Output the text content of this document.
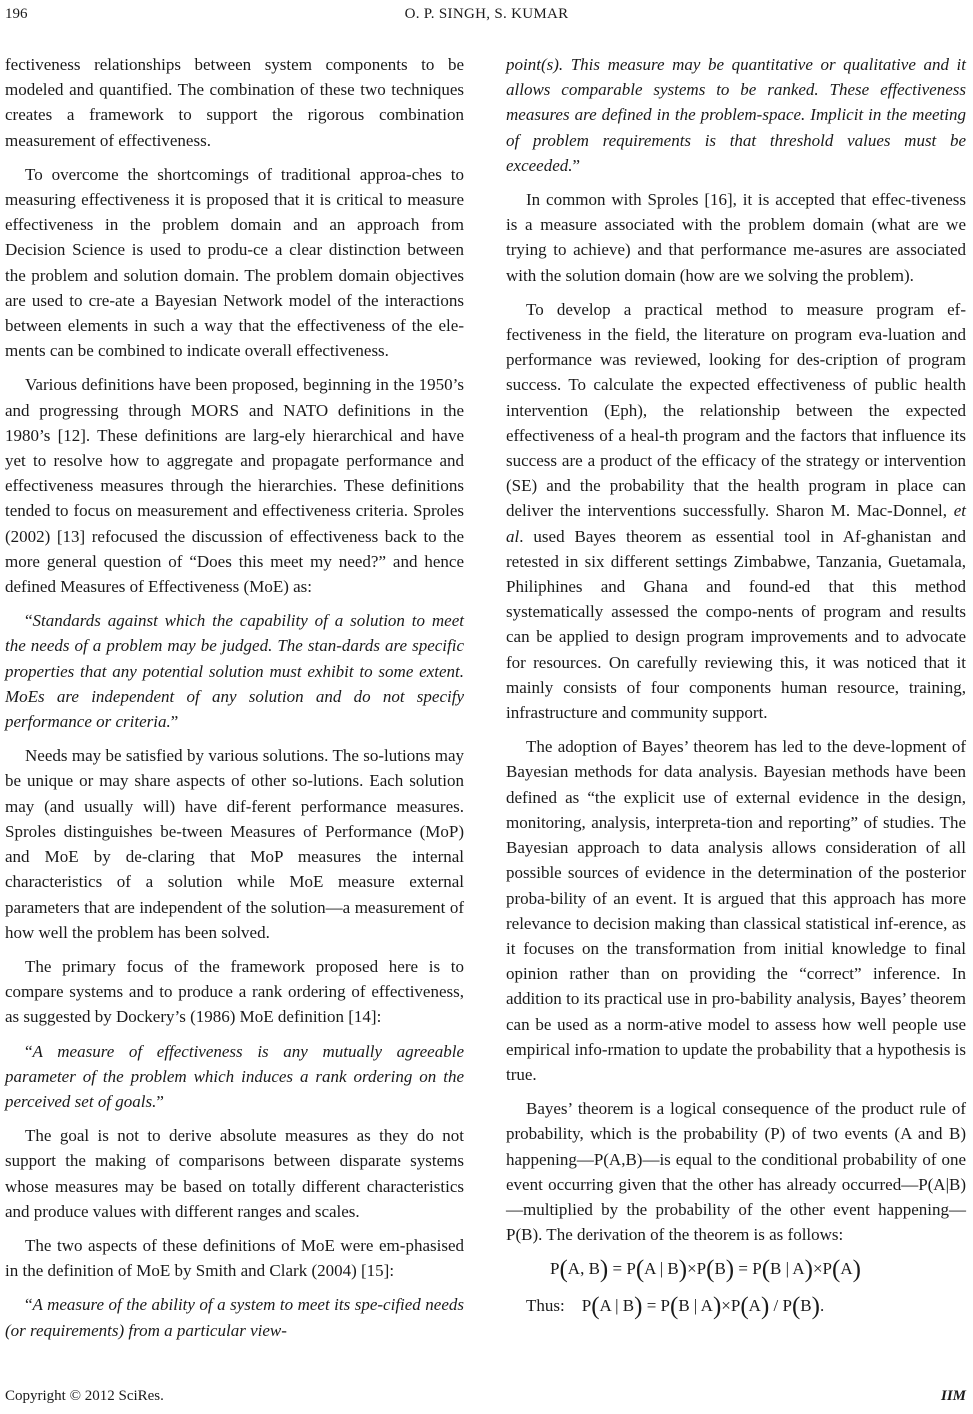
196	O. P. SINGH, S. KUMAR

fectiveness relationships between system components to be modeled and quantified. The combination of these two techniques creates a framework to support the rigorous combination measurement of effectiveness.

To overcome the shortcomings of traditional approa-ches to measuring effectiveness it is proposed that it is critical to measure effectiveness in the problem domain and an approach from Decision Science is used to produ-ce a clear distinction between the problem and solution domain. The problem domain objectives are used to cre-ate a Bayesian Network model of the interactions between elements in such a way that the effectiveness of the ele-ments can be combined to indicate overall effectiveness.

Various definitions have been proposed, beginning in the 1950’s and progressing through MORS and NATO definitions in the 1980’s [12]. These definitions are larg-ely hierarchical and have yet to resolve how to aggregate and propagate performance and effectiveness measures through the hierarchies. These definitions tended to focus on measurement and effectiveness criteria. Sproles (2002) [13] refocused the discussion of effectiveness back to the more general question of “Does this meet my need?” and hence defined Measures of Effectiveness (MoE) as:

“Standards against which the capability of a solution to meet the needs of a problem may be judged. The stan-dards are specific properties that any potential solution must exhibit to some extent. MoEs are independent of any solution and do not specify performance or criteria.”

Needs may be satisfied by various solutions. The so-lutions may be unique or may share aspects of other so-lutions. Each solution may (and usually will) have dif-ferent performance measures. Sproles distinguishes be-tween Measures of Performance (MoP) and MoE by de-claring that MoP measures the internal characteristics of a solution while MoE measure external parameters that are independent of the solution—a measurement of how well the problem has been solved.

The primary focus of the framework proposed here is to compare systems and to produce a rank ordering of effectiveness, as suggested by Dockery’s (1986) MoE definition [14]:

“A measure of effectiveness is any mutually agreeable parameter of the problem which induces a rank ordering on the perceived set of goals.”

The goal is not to derive absolute measures as they do not support the making of comparisons between disparate systems whose measures may be based on totally different characteristics and produce values with different ranges and scales.

The two aspects of these definitions of MoE were em-phasised in the definition of MoE by Smith and Clark (2004) [15]:

“A measure of the ability of a system to meet its spe-cified needs (or requirements) from a particular view-

point(s). This measure may be quantitative or qualitative and it allows comparable systems to be ranked. These effectiveness measures are defined in the problem-space. Implicit in the meeting of problem requirements is that threshold values must be exceeded.”

In common with Sproles [16], it is accepted that effec-tiveness is a measure associated with the problem domain (what are we trying to achieve) and that performance me-asures are associated with the solution domain (how are we solving the problem).

To develop a practical method to measure program ef-fectiveness in the field, the literature on program eva-luation and performance was reviewed, looking for des-cription of program success. To calculate the expected effectiveness of public health intervention (Eph), the relationship between the expected effectiveness of a heal-th program and the factors that influence its success are a product of the efficacy of the strategy or intervention (SE) and the probability that the health program in place can deliver the interventions successfully. Sharon M. Mac-Donnel, et al. used Bayes theorem as essential tool in Af-ghanistan and retested in six different settings Zimbabwe, Tanzania, Guetamala, Philiphines and Ghana and found-ed that this method systematically assessed the compo-nents of program and results can be applied to design program improvements and to advocate for resources. On carefully reviewing this, it was noticed that it mainly consists of four components human resource, training, infrastructure and community support.

The adoption of Bayes’ theorem has led to the deve-lopment of Bayesian methods for data analysis. Bayesian methods have been defined as “the explicit use of external evidence in the design, monitoring, analysis, interpreta-tion and reporting” of studies. The Bayesian approach to data analysis allows consideration of all possible sources of evidence in the determination of the posterior proba-bility of an event. It is argued that this approach has more relevance to decision making than classical statistical inf-erence, as it focuses on the transformation from initial knowledge to final opinion rather than on providing the “correct” inference. In addition to its practical use in pro-bability analysis, Bayes’ theorem can be used as a norm-ative model to assess how well people use empirical info-rmation to update the probability that a hypothesis is true.

Bayes’ theorem is a logical consequence of the product rule of probability, which is the probability (P) of two events (A and B) happening—P(A,B)—is equal to the conditional probability of one event occurring given that the other has already occurred—P(A|B)—multiplied by the probability of the other event happening—P(B). The derivation of the theorem is as follows:

P(A, B) = P(A | B)×P(B) = P(B | A)×P(A)
Thus: P(A | B) = P(B | A)×P(A) / P(B).
Copyright © 2012 SciRes.	IIM
